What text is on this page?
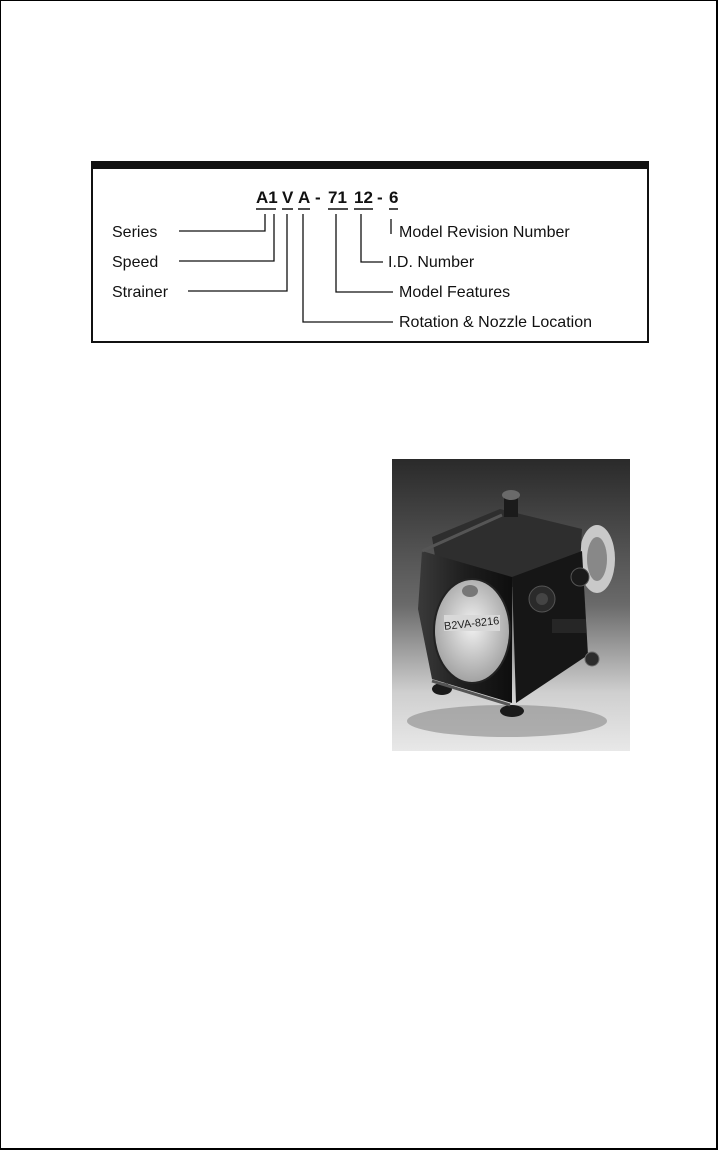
A1 V A - 71 12 - 6
Series
Speed
Strainer
Model Revision Number
I.D. Number
Model Features
Rotation & Nozzle Location
B2VA-8216
